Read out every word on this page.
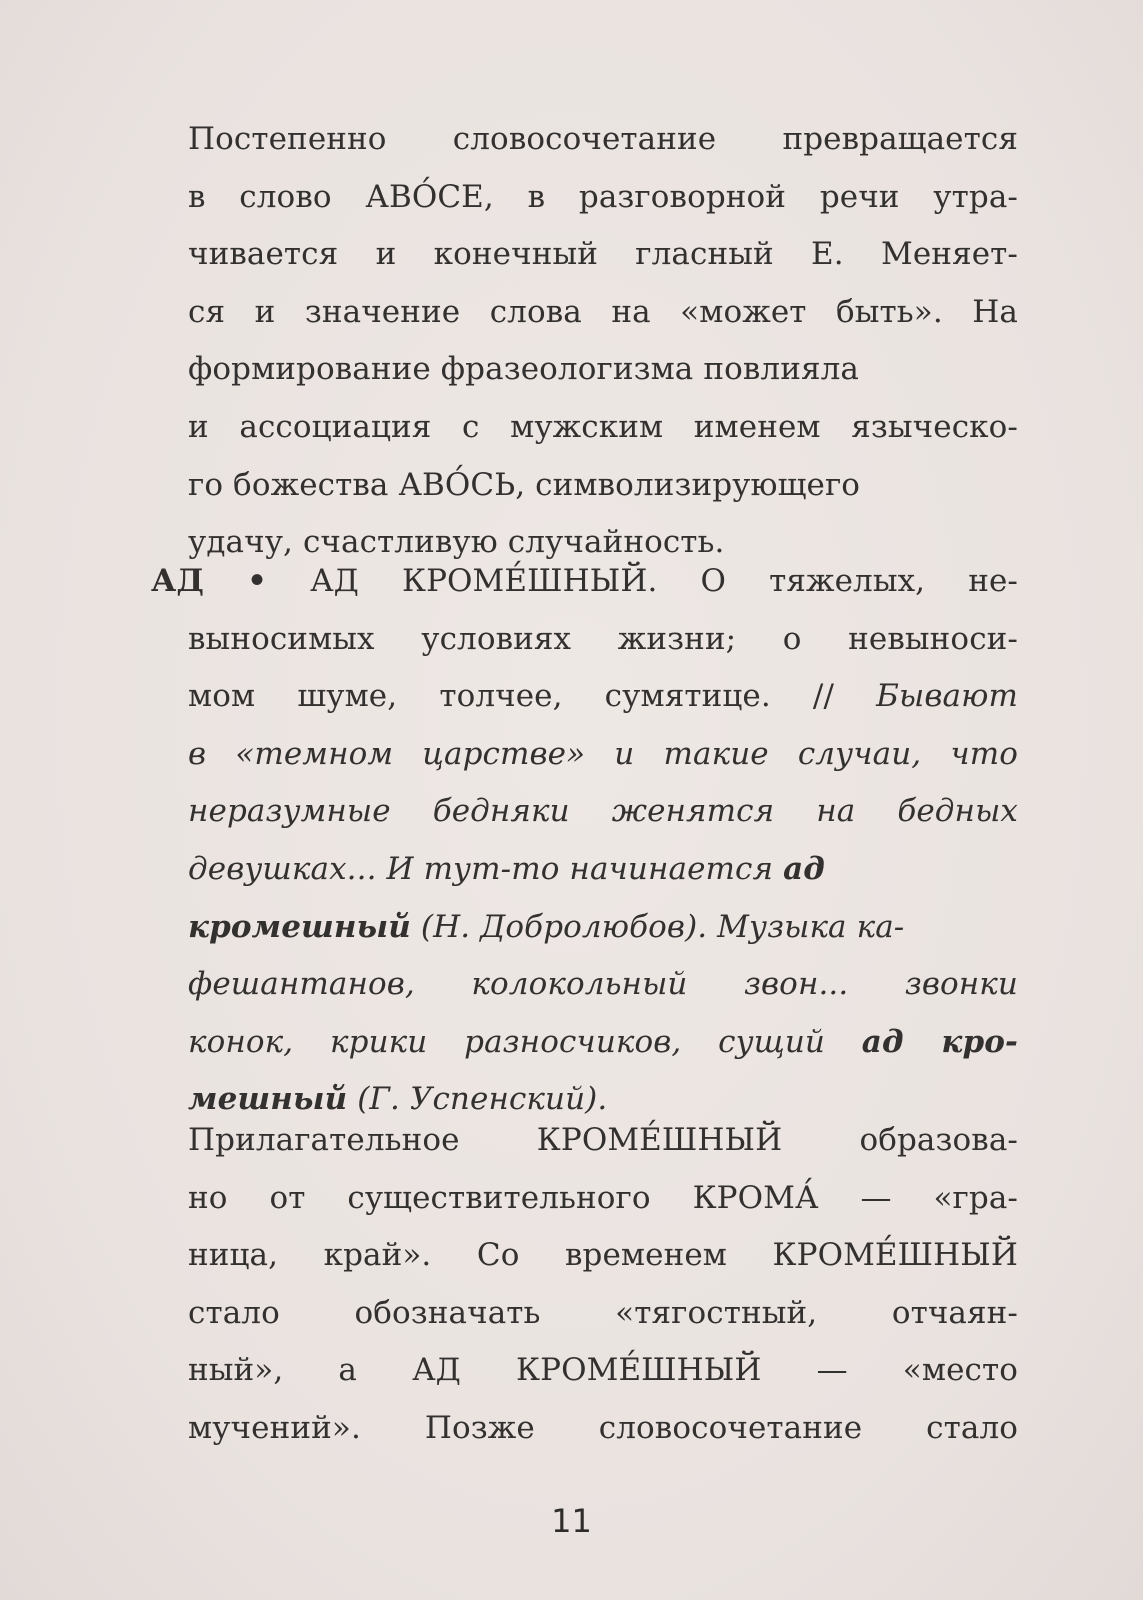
Постепенно словосочетание превращается
в слово АВО́СЕ, в разговорной речи утра-
чивается и конечный гласный Е. Меняет-
ся и значение слова на «может быть». На
формирование фразеологизма повлияла
и ассоциация с мужским именем языческо-
го божества АВО́СЬ, символизирующего
удачу, счастливую случайность.
АД • АД КРОМЕ́ШНЫЙ. О тяжелых, не-
выносимых условиях жизни; о невыноси-
мом шуме, толчее, сумятице. // Бывают
в «темном царстве» и такие случаи, что
неразумные бедняки женятся на бедных
девушках... И тут-то начинается ад
кромешный (Н. Добролюбов). Музыка ка-
фешантанов, колокольный звон... звонки
конок, крики разносчиков, сущий ад кро-
мешный (Г. Успенский).
Прилагательное КРОМЕ́ШНЫЙ образова-
но от существительного КРОМА́ — «гра-
ница, край». Со временем КРОМЕ́ШНЫЙ
стало обозначать «тягостный, отчаян-
ный», а АД КРОМЕ́ШНЫЙ — «место
мучений». Позже словосочетание стало
11
